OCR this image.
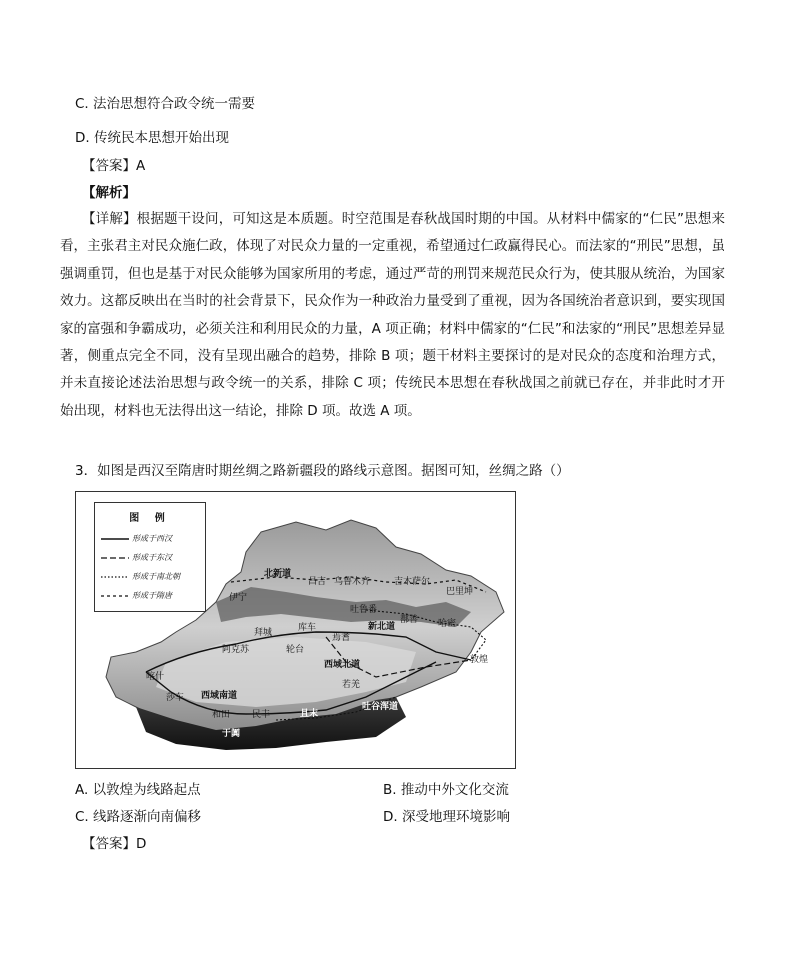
C. 法治思想符合政令统一需要
D. 传统民本思想开始出现
【答案】A
【解析】
【详解】根据题干设问，可知这是本质题。时空范围是春秋战国时期的中国。从材料中儒家的“仁民”思想来看，主张君主对民众施仁政，体现了对民众力量的一定重视，希望通过仁政赢得民心。而法家的“刑民”思想，虽强调重罚，但也是基于对民众能够为国家所用的考虑，通过严苛的刑罚来规范民众行为，使其服从统治，为国家效力。这都反映出在当时的社会背景下，民众作为一种政治力量受到了重视，因为各国统治者意识到，要实现国家的富强和争霸成功，必须关注和利用民众的力量，A 项正确；材料中儒家的“仁民”和法家的“刑民”思想差异显著，侧重点完全不同，没有呈现出融合的趋势，排除 B 项；题干材料主要探讨的是对民众的态度和治理方式，并未直接论述法治思想与政令统一的关系，排除 C 项；传统民本思想在春秋战国之前就已存在，并非此时才开始出现，材料也无法得出这一结论，排除 D 项。故选 A 项。
3．如图是西汉至隋唐时期丝绸之路新疆段的路线示意图。据图可知，丝绸之路（）
图 例
形成于西汉
形成于东汉
形成于南北朝
形成于隋唐
北新道
伊宁
昌吉 乌鲁木齐	吉木萨尔
巴里坤
吐鲁番
鄯善 哈密
新北道
拜城	库车
焉耆
阿克苏	轮台
喀什
莎车 西域南道
西域北道
和田 民丰	且末
若羌
吐谷浑道
敦煌
于阗
A. 以敦煌为线路起点	B. 推动中外文化交流
C. 线路逐渐向南偏移	D. 深受地理环境影响
【答案】D
